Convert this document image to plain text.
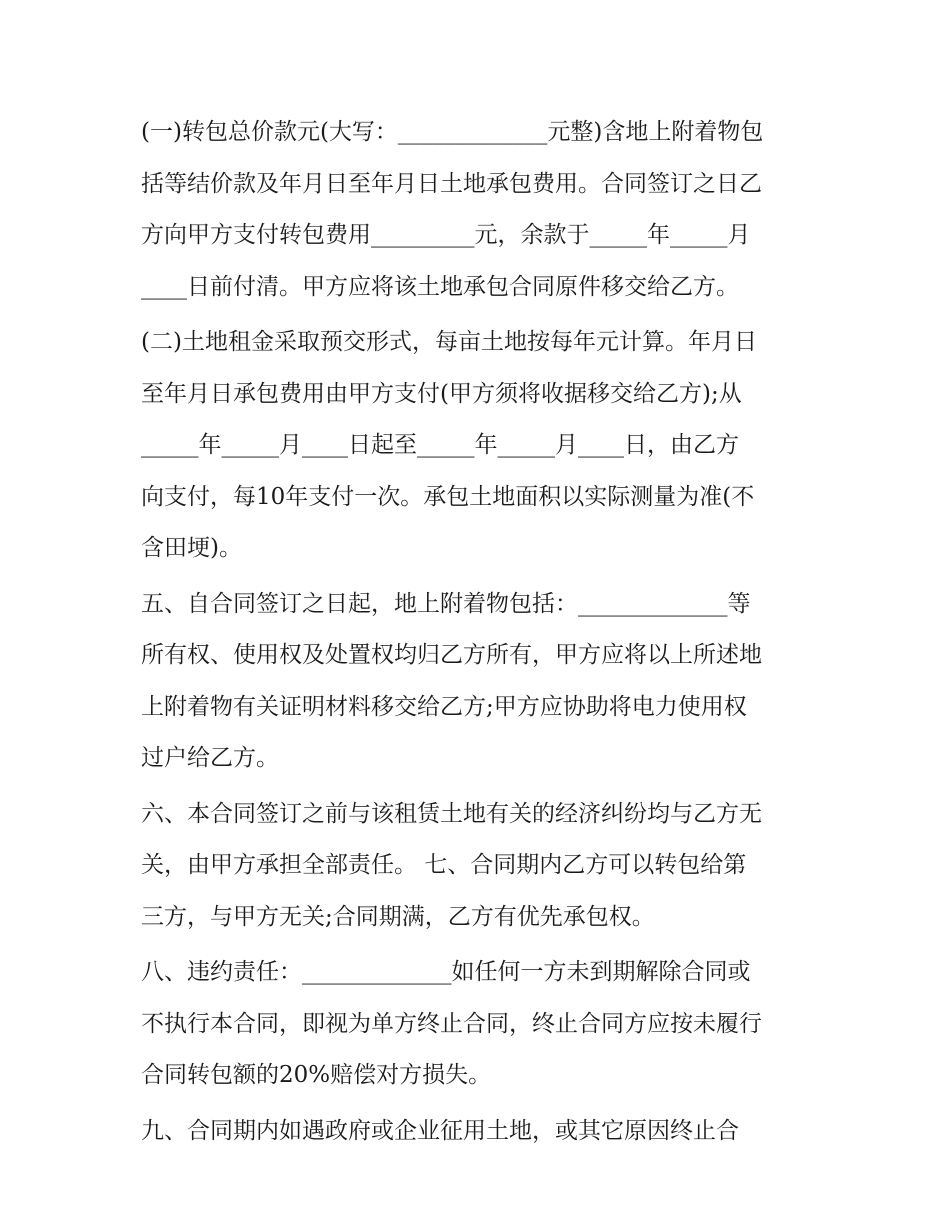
(一)转包总价款元(大写：_____________元整)含地上附着物包
括等结价款及年月日至年月日土地承包费用。合同签订之日乙
方向甲方支付转包费用_________元，余款于_____年_____月
____日前付清。甲方应将该土地承包合同原件移交给乙方。
(二)土地租金采取预交形式，每亩土地按每年元计算。年月日
至年月日承包费用由甲方支付(甲方须将收据移交给乙方);从
_____年_____月____日起至_____年_____月____日，由乙方
向支付，每10年支付一次。承包土地面积以实际测量为准(不
含田埂)。
五、自合同签订之日起，地上附着物包括：_____________等
所有权、使用权及处置权均归乙方所有，甲方应将以上所述地
上附着物有关证明材料移交给乙方;甲方应协助将电力使用权
过户给乙方。
六、本合同签订之前与该租赁土地有关的经济纠纷均与乙方无
关，由甲方承担全部责任。 七、合同期内乙方可以转包给第
三方，与甲方无关;合同期满，乙方有优先承包权。
八、违约责任：_____________如任何一方未到期解除合同或
不执行本合同，即视为单方终止合同，终止合同方应按未履行
合同转包额的20%赔偿对方损失。
九、合同期内如遇政府或企业征用土地，或其它原因终止合
